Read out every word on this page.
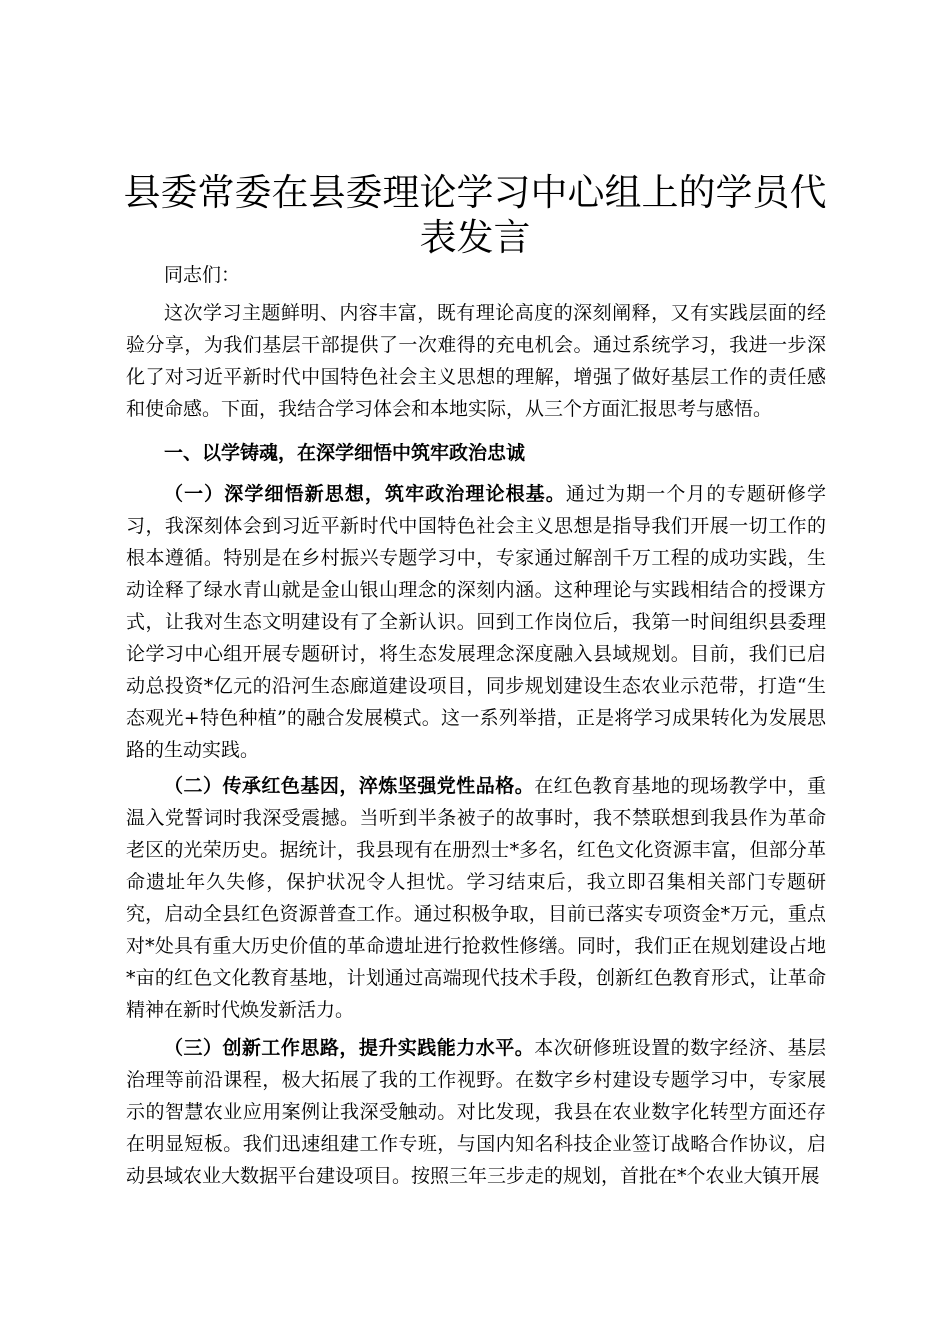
县委常委在县委理论学习中心组上的学员代表发言

同志们：

这次学习主题鲜明、内容丰富，既有理论高度的深刻阐释，又有实践层面的经验分享，为我们基层干部提供了一次难得的充电机会。通过系统学习，我进一步深化了对习近平新时代中国特色社会主义思想的理解，增强了做好基层工作的责任感和使命感。下面，我结合学习体会和本地实际，从三个方面汇报思考与感悟。

一、以学铸魂，在深学细悟中筑牢政治忠诚

（一）深学细悟新思想，筑牢政治理论根基。通过为期一个月的专题研修学习，我深刻体会到习近平新时代中国特色社会主义思想是指导我们开展一切工作的根本遵循。特别是在乡村振兴专题学习中，专家通过解剖千万工程的成功实践，生动诠释了绿水青山就是金山银山理念的深刻内涵。这种理论与实践相结合的授课方式，让我对生态文明建设有了全新认识。回到工作岗位后，我第一时间组织县委理论学习中心组开展专题研讨，将生态发展理念深度融入县域规划。目前，我们已启动总投资*亿元的沿河生态廊道建设项目，同步规划建设生态农业示范带，打造“生态观光+特色种植”的融合发展模式。这一系列举措，正是将学习成果转化为发展思路的生动实践。

（二）传承红色基因，淬炼坚强党性品格。在红色教育基地的现场教学中，重温入党誓词时我深受震撼。当听到半条被子的故事时，我不禁联想到我县作为革命老区的光荣历史。据统计，我县现有在册烈士*多名，红色文化资源丰富，但部分革命遗址年久失修，保护状况令人担忧。学习结束后，我立即召集相关部门专题研究，启动全县红色资源普查工作。通过积极争取，目前已落实专项资金*万元，重点对*处具有重大历史价值的革命遗址进行抢救性修缮。同时，我们正在规划建设占地*亩的红色文化教育基地，计划通过高端现代技术手段，创新红色教育形式，让革命精神在新时代焕发新活力。

（三）创新工作思路，提升实践能力水平。本次研修班设置的数字经济、基层治理等前沿课程，极大拓展了我的工作视野。在数字乡村建设专题学习中，专家展示的智慧农业应用案例让我深受触动。对比发现，我县在农业数字化转型方面还存在明显短板。我们迅速组建工作专班，与国内知名科技企业签订战略合作协议，启动县域农业大数据平台建设项目。按照三年三步走的规划，首批在*个农业大镇开展
